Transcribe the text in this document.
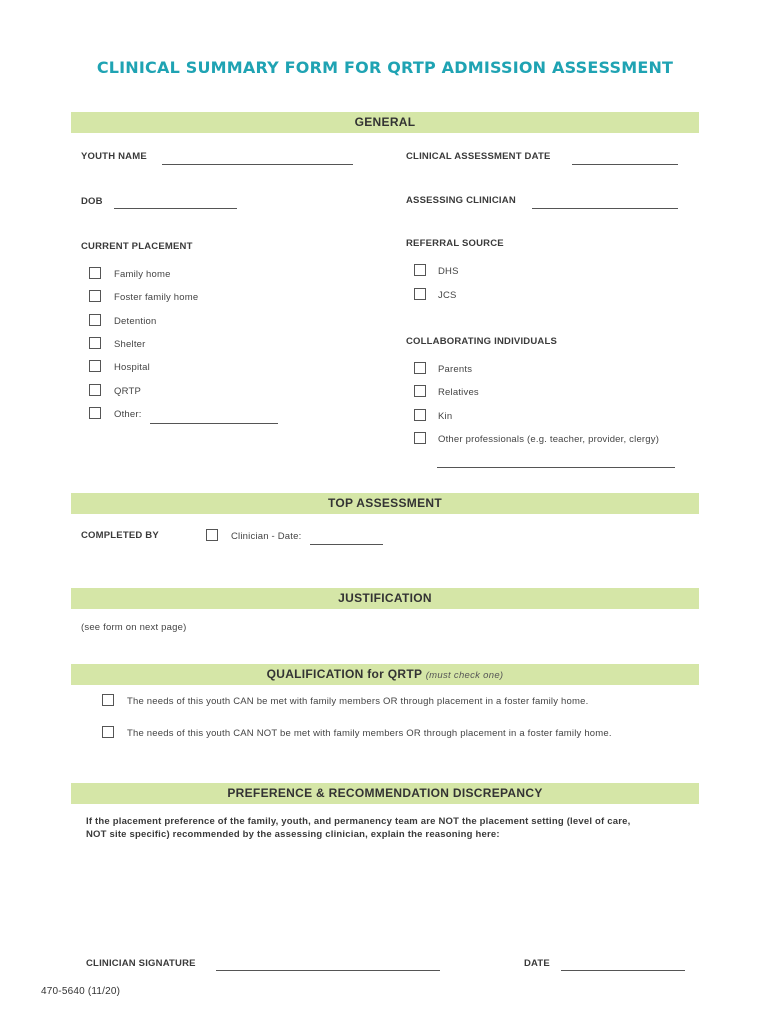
CLINICAL SUMMARY FORM FOR QRTP ADMISSION ASSESSMENT
GENERAL
YOUTH NAME	CLINICAL ASSESSMENT DATE
DOB	ASSESSING CLINICIAN
CURRENT PLACEMENT
Family home
Foster family home
Detention
Shelter
Hospital
QRTP
Other:
REFERRAL SOURCE
DHS
JCS
COLLABORATING INDIVIDUALS
Parents
Relatives
Kin
Other professionals (e.g. teacher, provider, clergy)
TOP ASSESSMENT
COMPLETED BY	Clinician - Date:
JUSTIFICATION
(see form on next page)
QUALIFICATION for QRTP (must check one)
The needs of this youth CAN be met with family members OR through placement in a foster family home.
The needs of this youth CAN NOT be met with family members OR through placement in a foster family home.
PREFERENCE & RECOMMENDATION DISCREPANCY
If the placement preference of the family, youth, and permanency team are NOT the placement setting (level of care,
NOT site specific) recommended by the assessing clinician, explain the reasoning here:
CLINICIAN SIGNATURE	DATE
470-5640 (11/20)
